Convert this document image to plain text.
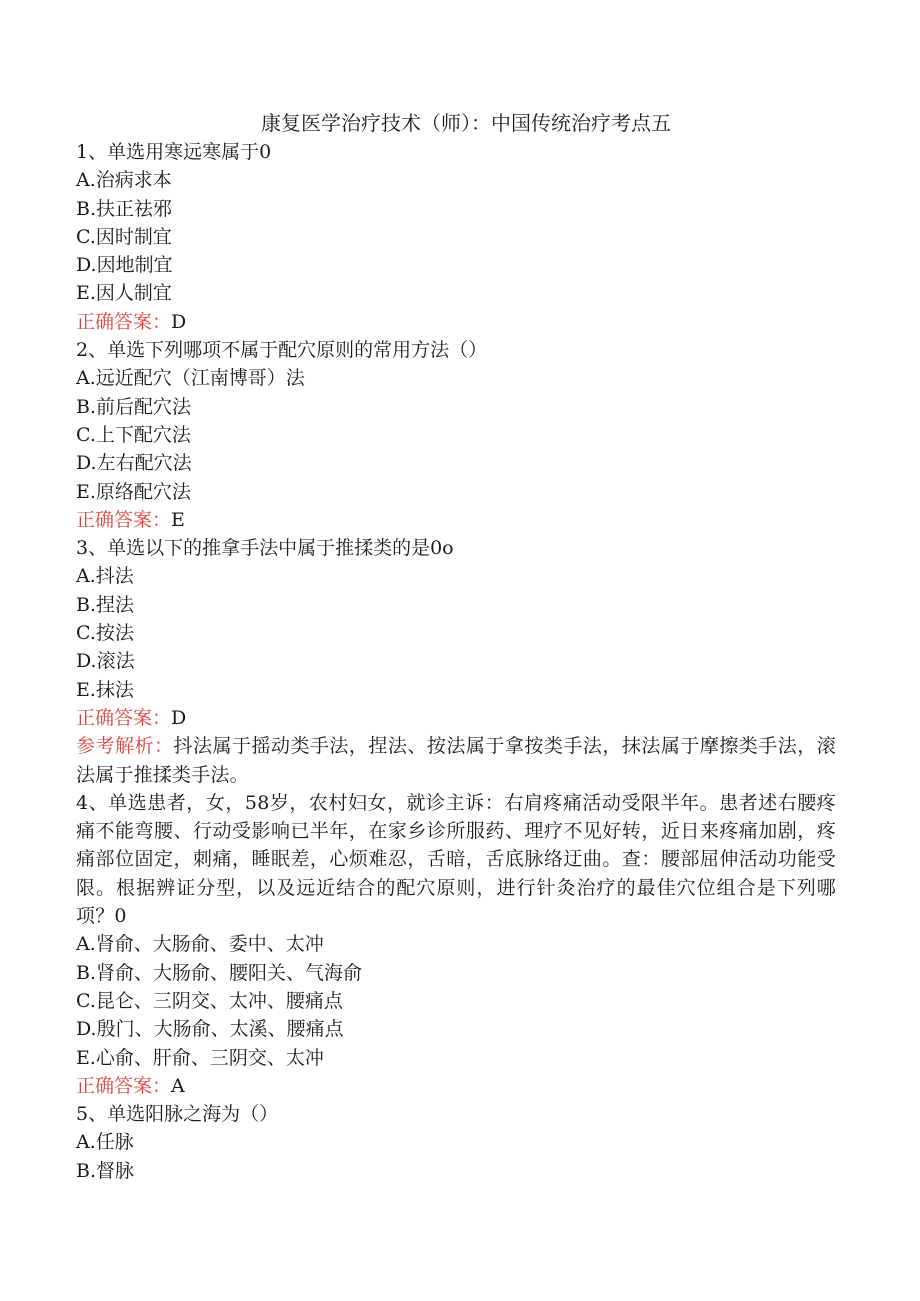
康复医学治疗技术（师）：中国传统治疗考点五

1、单选用寒远寒属于0

A.治病求本

B.扶正祛邪

C.因时制宜

D.因地制宜

E.因人制宜

正确答案：D

2、单选下列哪项不属于配穴原则的常用方法（）

A.远近配穴（江南博哥）法

B.前后配穴法

C.上下配穴法

D.左右配穴法

E.原络配穴法

正确答案：E

3、单选以下的推拿手法中属于推揉类的是0o

A.抖法

B.捏法

C.按法

D.滚法

E.抹法

正确答案：D

参考解析：抖法属于摇动类手法，捏法、按法属于拿按类手法，抹法属于摩擦类手法，滚法属于推揉类手法。

4、单选患者，女，58岁，农村妇女，就诊主诉：右肩疼痛活动受限半年。患者述右腰疼痛不能弯腰、行动受影响已半年，在家乡诊所服药、理疗不见好转，近日来疼痛加剧，疼痛部位固定，刺痛，睡眠差，心烦难忍，舌暗，舌底脉络迂曲。查：腰部屈伸活动功能受限。根据辨证分型，以及远近结合的配穴原则，进行针灸治疗的最佳穴位组合是下列哪项？0

A.肾俞、大肠俞、委中、太冲

B.肾俞、大肠俞、腰阳关、气海俞

C.昆仑、三阴交、太冲、腰痛点

D.殷门、大肠俞、太溪、腰痛点

E.心俞、肝俞、三阴交、太冲

正确答案：A

5、单选阳脉之海为（）

A.任脉

B.督脉
